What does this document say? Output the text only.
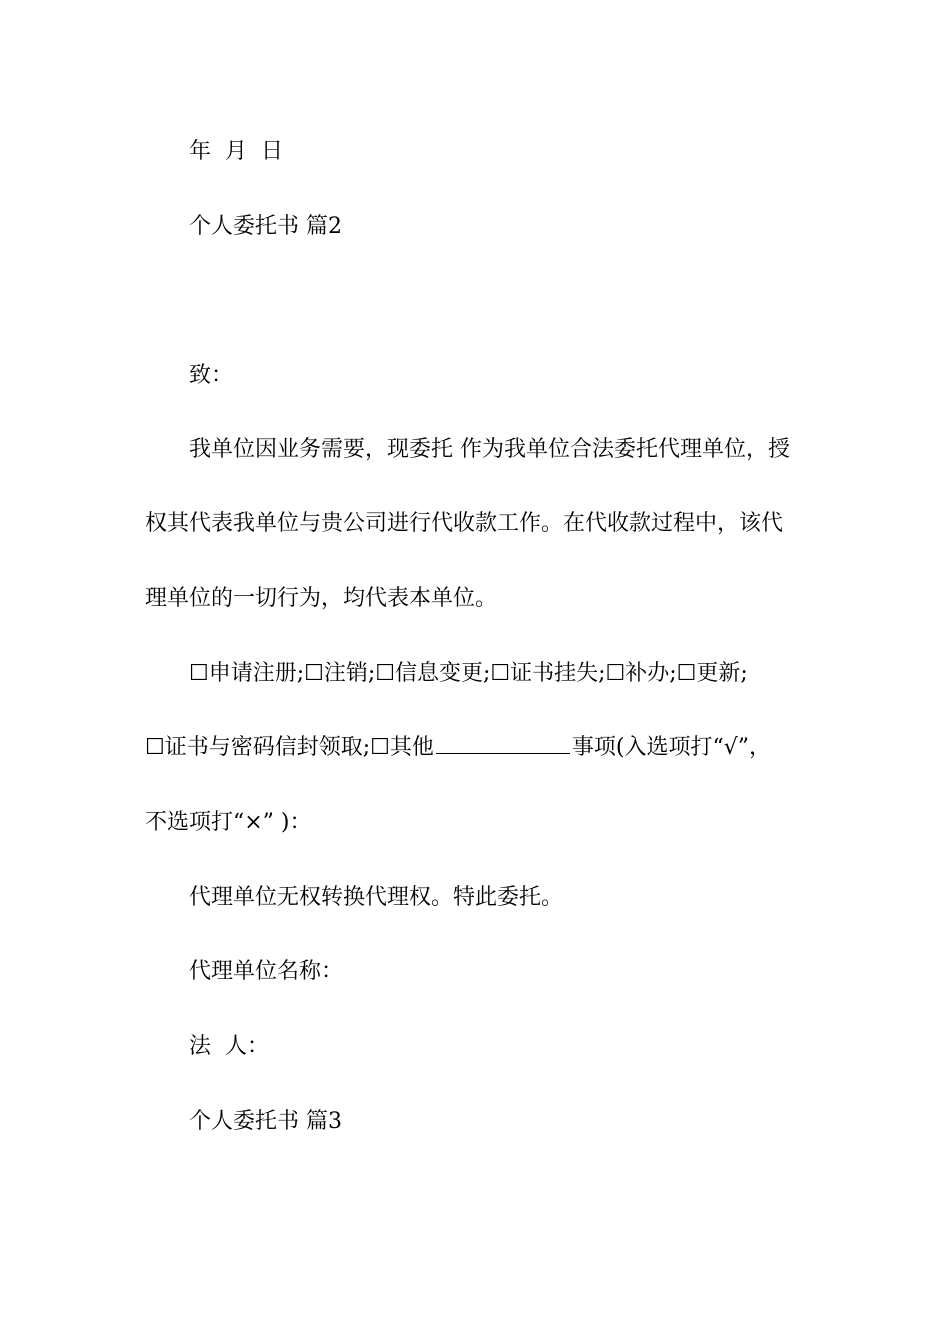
年 月 日
个人委托书 篇2
致：
我单位因业务需要，现委托 作为我单位合法委托代理单位，授
权其代表我单位与贵公司进行代收款工作。在代收款过程中，该代
理单位的一切行为，均代表本单位。
☐申请注册;☐注销;☐信息变更;☐证书挂失;☐补办;☐更新;
☐证书与密码信封领取;☐其他	事项(入选项打“√”，
不选项打“×” )：
代理单位无权转换代理权。特此委托。
代理单位名称：
法  人：
个人委托书 篇3
